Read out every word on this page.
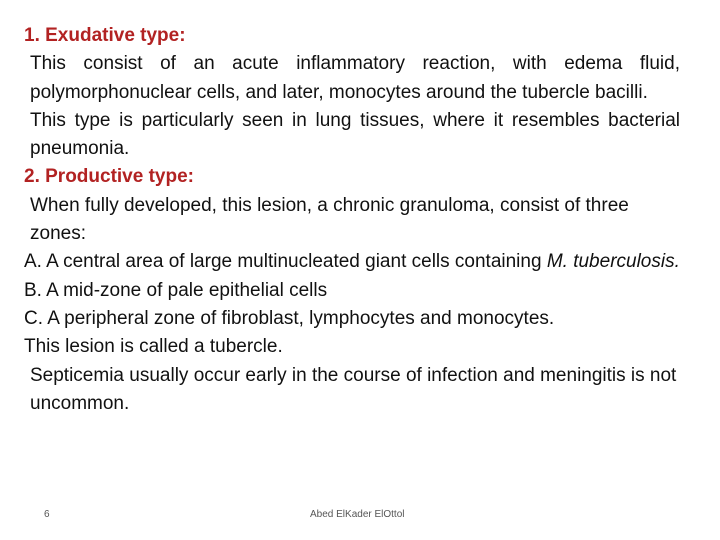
1. Exudative type:

This consist of an acute inflammatory reaction, with edema fluid, polymorphonuclear cells, and later, monocytes around the tubercle bacilli.

This type is particularly seen in lung tissues, where it resembles bacterial pneumonia.

2. Productive type:

When fully developed, this lesion, a chronic granuloma, consist of three zones:

A. A central area of large multinucleated giant cells containing M. tuberculosis.

B. A mid-zone of pale epithelial cells

C. A peripheral zone of fibroblast, lymphocytes and monocytes.

This lesion is called a tubercle.

Septicemia usually occur early in the course of infection and meningitis is not uncommon.

6	Abed ElKader ElOttol
